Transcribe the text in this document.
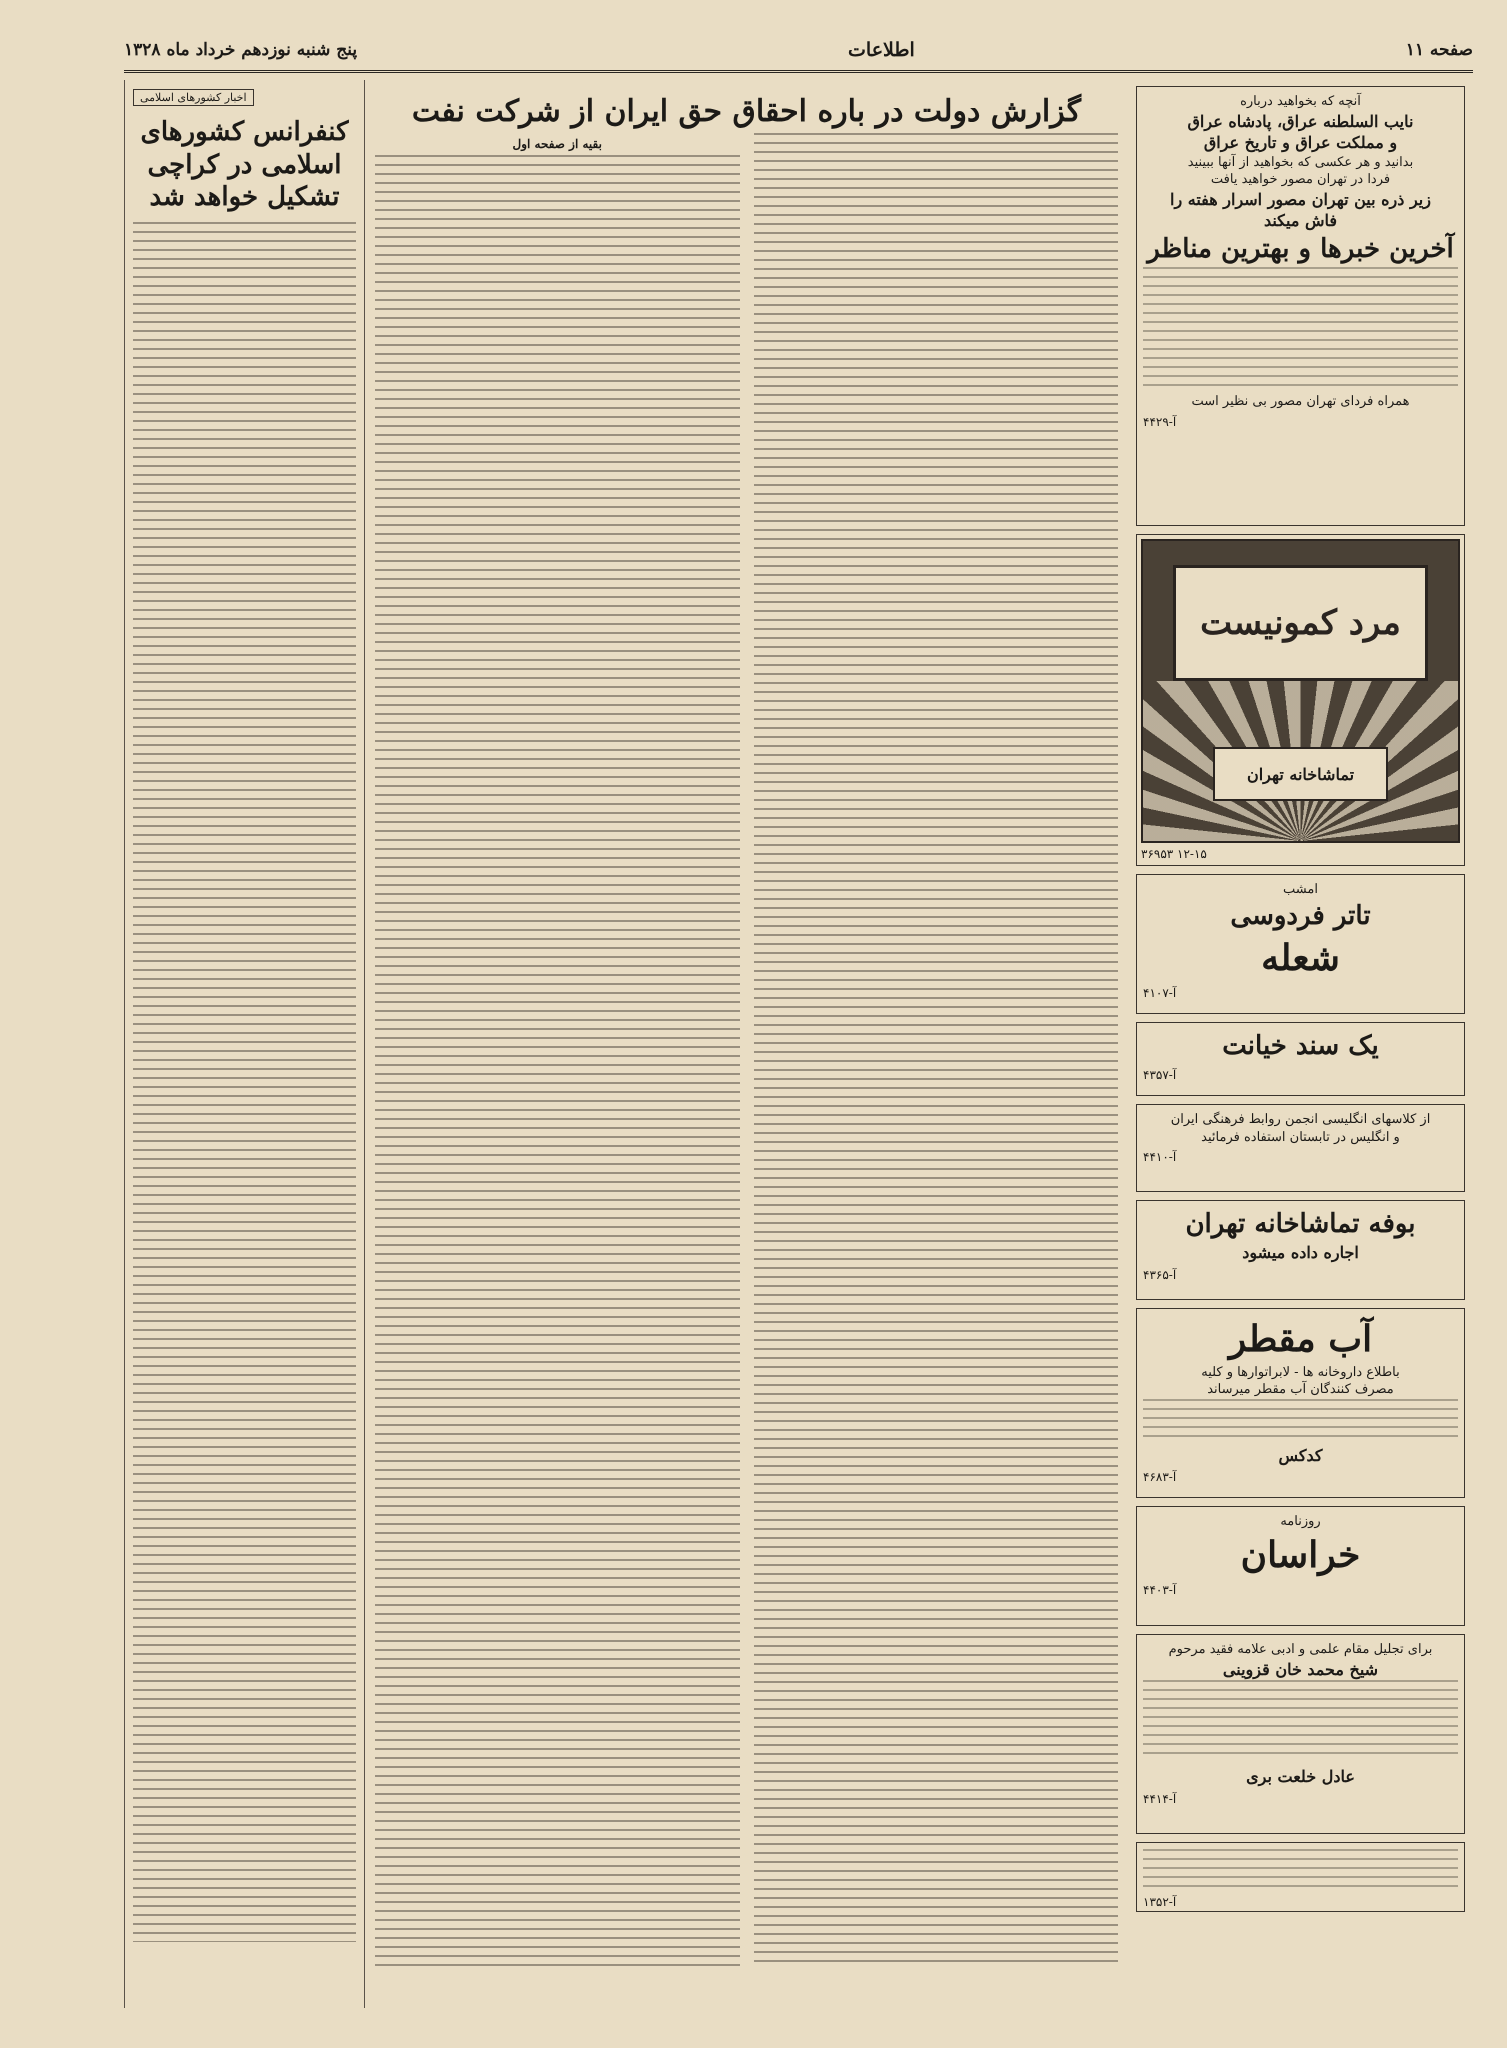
صفحه ۱۱
اطلاعات
پنج شنبه نوزدهم خرداد ماه ۱۳۲۸
اخبار کشورهای اسلامی
کنفرانس کشورهای اسلامی در کراچی تشکیل خواهد شد
گزارش دولت در باره احقاق حق ایران از شرکت نفت
بقیه از صفحه اول
آنچه که بخواهید درباره
نایب السلطنه عراق، پادشاه عراق
و مملکت عراق و تاریخ عراق
بدانید و هر عکسی که بخواهید از آنها ببینید
فردا در تهران مصور خواهید یافت
زیر ذره بین تهران مصور اسرار هفته را
فاش میکند
آخرین خبرها و بهترین مناظر
همراه فردای تهران مصور بی نظیر است
آ-۴۴۲۹
مرد کمونیست
تماشاخانه تهران
۳۶۹۵۳ ۱۲-۱۵
امشب
تاتر فردوسی
شعله
آ-۴۱۰۷
یک سند خیانت
آ-۴۳۵۷
از کلاسهای انگلیسی انجمن روابط فرهنگی ایران
و انگلیس در تابستان استفاده فرمائید
آ-۴۴۱۰
بوفه تماشاخانه تهران
اجاره داده میشود
آ-۴۳۶۵
آب مقطر
باطلاع داروخانه ها - لابراتوارها و کلیه
مصرف کنندگان آب مقطر میرساند
کدکس
آ-۴۶۸۳
روزنامه
خراسان
آ-۴۴۰۳
برای تجلیل مقام علمی و ادبی علامه فقید مرحوم
شیخ محمد خان قزوینی
عادل خلعت بری
آ-۴۴۱۴
آ-۱۳۵۲
